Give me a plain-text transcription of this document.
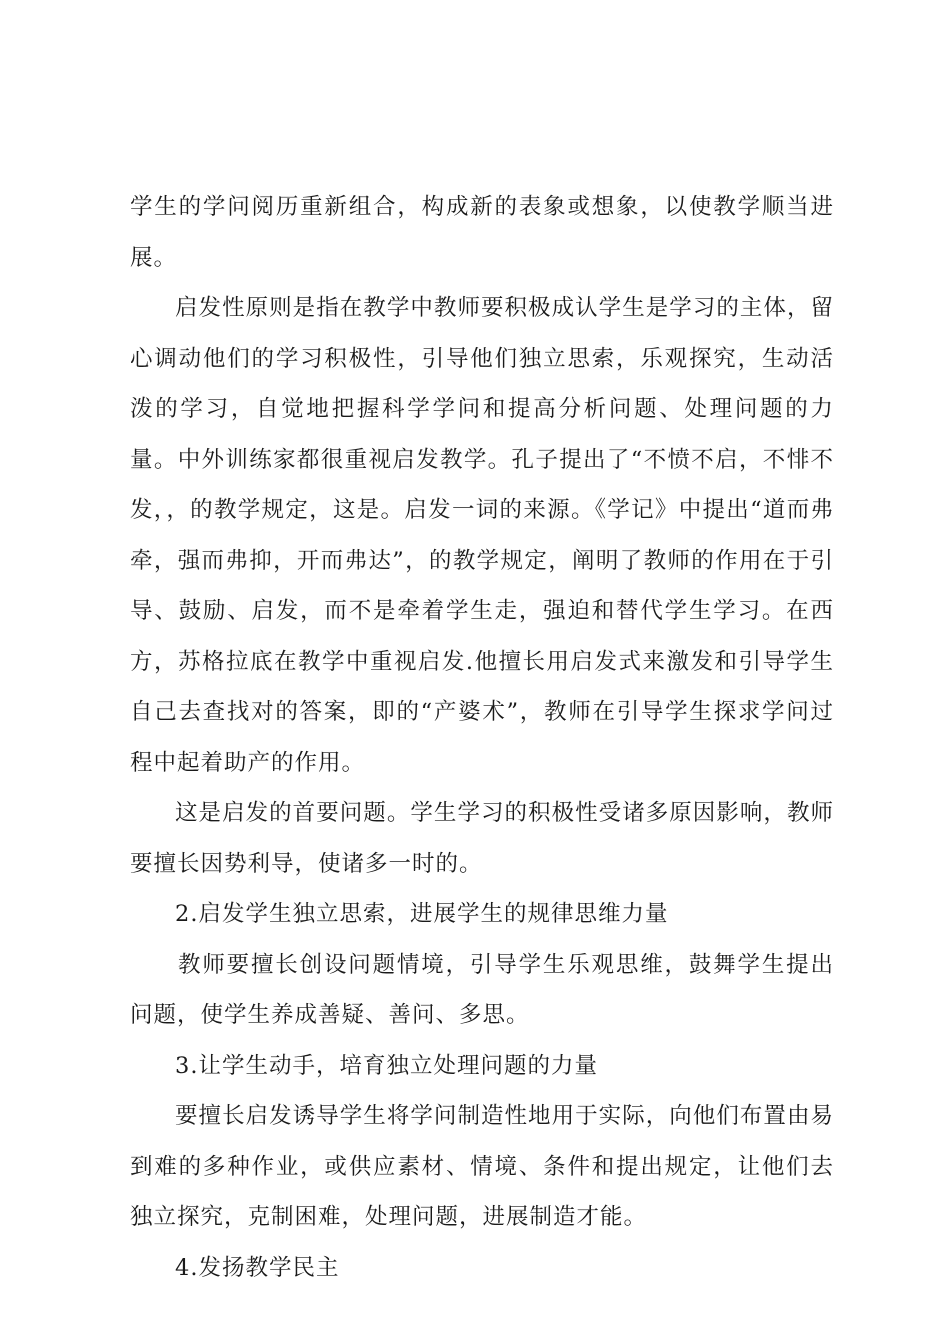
学生的学问阅历重新组合，构成新的表象或想象，以使教学顺当进展。

启发性原则是指在教学中教师要积极成认学生是学习的主体，留心调动他们的学习积极性，引导他们独立思索，乐观探究，生动活泼的学习，自觉地把握科学学问和提高分析问题、处理问题的力量。中外训练家都很重视启发教学。孔子提出了“不愤不启，不悱不发，，的教学规定，这是。启发一词的来源。《学记》中提出“道而弗牵，强而弗抑，开而弗达”，的教学规定，阐明了教师的作用在于引导、鼓励、启发，而不是牵着学生走，强迫和替代学生学习。在西方，苏格拉底在教学中重视启发.他擅长用启发式来激发和引导学生自己去查找对的答案，即的“产婆术”，教师在引导学生探求学问过程中起着助产的作用。

这是启发的首要问题。学生学习的积极性受诸多原因影响，教师要擅长因势利导，使诸多一时的。

2.启发学生独立思索，进展学生的规律思维力量

教师要擅长创设问题情境，引导学生乐观思维，鼓舞学生提出问题，使学生养成善疑、善问、多思。

3.让学生动手，培育独立处理问题的力量

要擅长启发诱导学生将学问制造性地用于实际，向他们布置由易到难的多种作业，或供应素材、情境、条件和提出规定，让他们去独立探究，克制困难，处理问题，进展制造才能。

4.发扬教学民主
